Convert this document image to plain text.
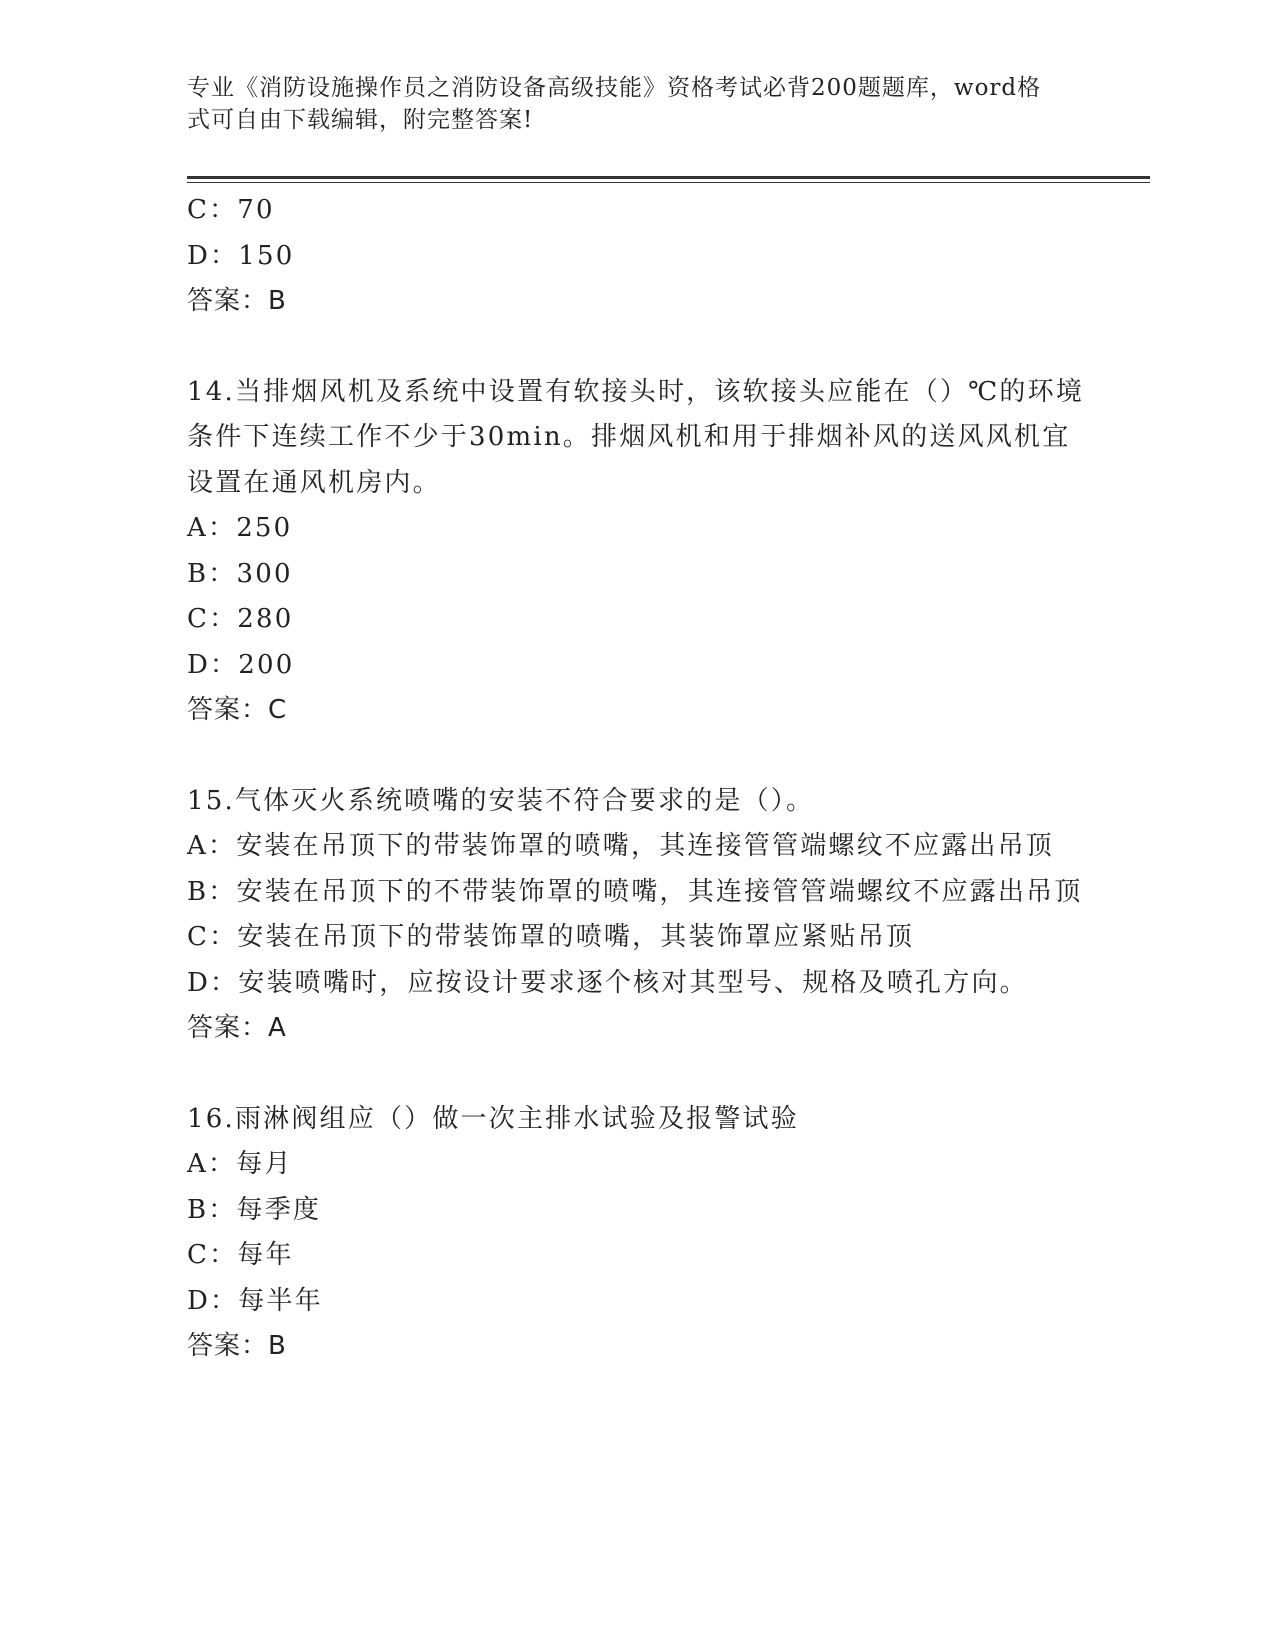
专业《消防设施操作员之消防设备高级技能》资格考试必背200题题库，word格
式可自由下载编辑，附完整答案!
C：70
D：150
答案：B
14.当排烟风机及系统中设置有软接头时，该软接头应能在（）℃的环境条件下连续工作不少于30min。排烟风机和用于排烟补风的送风风机宜设置在通风机房内。
A：250
B：300
C：280
D：200
答案：C
15.气体灭火系统喷嘴的安装不符合要求的是（）。
A：安装在吊顶下的带装饰罩的喷嘴，其连接管管端螺纹不应露出吊顶
B：安装在吊顶下的不带装饰罩的喷嘴，其连接管管端螺纹不应露出吊顶
C：安装在吊顶下的带装饰罩的喷嘴，其装饰罩应紧贴吊顶
D：安装喷嘴时，应按设计要求逐个核对其型号、规格及喷孔方向。
答案：A
16.雨淋阀组应（）做一次主排水试验及报警试验
A：每月
B：每季度
C：每年
D：每半年
答案：B
